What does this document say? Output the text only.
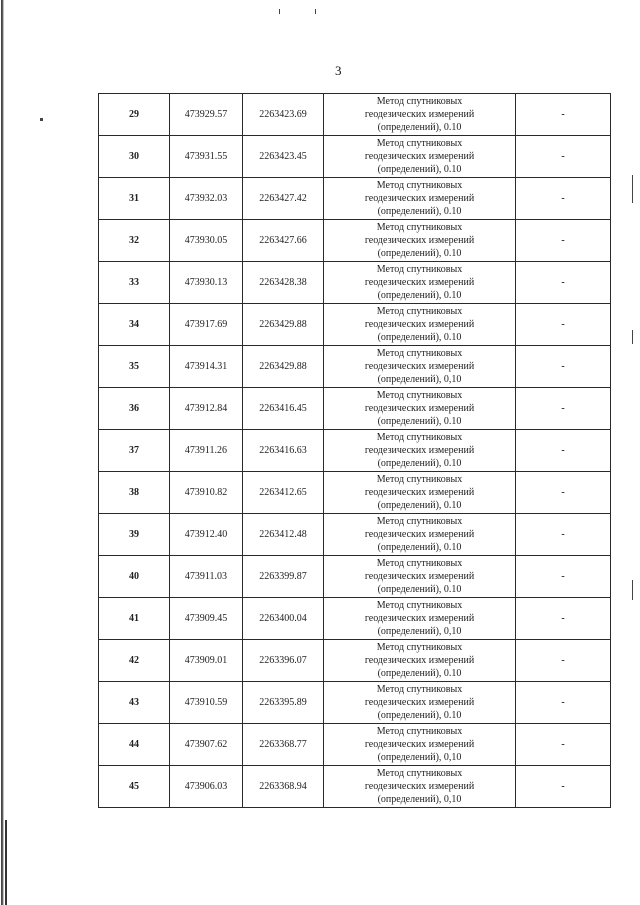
3
29	473929.57	2263423.69	Метод спутниковых
геодезических измерений
(определений), 0.10	-
30	473931.55	2263423.45	Метод спутниковых
геодезических измерений
(определений), 0.10	-
31	473932.03	2263427.42	Метод спутниковых
геодезических измерений
(определений), 0.10	-
32	473930.05	2263427.66	Метод спутниковых
геодезических измерений
(определений), 0.10	-
33	473930.13	2263428.38	Метод спутниковых
геодезических измерений
(определений), 0.10	-
34	473917.69	2263429.88	Метод спутниковых
геодезических измерений
(определений), 0.10	-
35	473914.31	2263429.88	Метод спутниковых
геодезических измерений
(определений), 0,10	-
36	473912.84	2263416.45	Метод спутниковых
геодезических измерений
(определений), 0.10	-
37	473911.26	2263416.63	Метод спутниковых
геодезических измерений
(определений), 0.10	-
38	473910.82	2263412.65	Метод спутниковых
геодезических измерений
(определений), 0.10	-
39	473912.40	2263412.48	Метод спутниковых
геодезических измерений
(определений), 0.10	-
40	473911.03	2263399.87	Метод спутниковых
геодезических измерений
(определений), 0.10	-
41	473909.45	2263400.04	Метод спутниковых
геодезических измерений
(определений), 0,10	-
42	473909.01	2263396.07	Метод спутниковых
геодезических измерений
(определений), 0.10	-
43	473910.59	2263395.89	Метод спутниковых
геодезических измерений
(определений), 0.10	-
44	473907.62	2263368.77	Метод спутниковых
геодезических измерений
(определений), 0,10	-
45	473906.03	2263368.94	Метод спутниковых
геодезических измерений
(определений), 0,10	-
